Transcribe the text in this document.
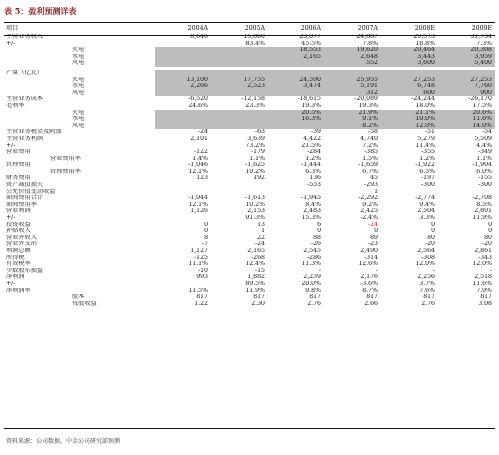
表 5：盈利预测详表
项目	2004A	2005A	2006A	2007A	2008E	2009E
主营业务收入	8,646	15,860	23,077	24,887	29,573	31,734
+/-		83.4%	45.5%	7.8%	18.8%	7.3%
火电			18,553	19,620	20,464	20,308
水电			2,165	2,648	3,443	3,959
风电				552	3,600	5,400

产量（亿瓦）						
火电	13,100	17,755	24,590	25,955	27,253	27,253
水电	2,266	2,523	3,474	5,191	6,748	7,760
风电				312	600	900
主营业务成本	-6,520	-12,158	-18,615	-20,089	-24,244	-26,170
毛利率	24.6%	23.3%	19.3%	19.3%	18.0%	17.5%
火电			20.5%	21.9%	21.1%	20.6%
水电			16.3%	9.1%	10.0%	11.6%
风电				8.2%	12.0%	14.0%
主营业务税金及附加	-24	-63	-39	-58	-51	-54
主营业务利润	2,101	3,639	4,422	4,740	5,279	5,509
+/-		73.2%	21.5%	7.2%	11.4%	4.4%
营业费用	-122	-179	-284	-385	-355	-349
营业费用率	1.4%	1.1%	1.2%	1.5%	1.2%	1.1%
管理费用	-1,046	-1,625	-1,444	-1,659	-1,922	-1,904
管理费用率	12.1%	10.2%	6.3%	6.7%	6.5%	6.0%
财务费用	123	192	136	45	-197	-155
资产减值损失			-553	-293	-300	-300
公允价值变动收益				1		
期间费用合计	-1,044	-1,613	-1,945	-2,292	-2,774	-2,708
期间费用率	12.1%	10.2%	8.4%	9.2%	9.4%	8.5%
营业利润	1,126	2,153	2,483	2,425	2,504	2,801
+/-		91.3%	15.3%	-2.4%	3.3%	11.9%
投资收益	0	13	6	-24	0	0
补贴收入	0	1	0	0	0	0
营业外收入	8	22	88	89	80	80
营业外支出	-7	-24	-26	-23	-20	-20
利润总额	1,127	2,165	2,545	2,490	2,564	2,861
所得税	-125	-268	-286	-314	-308	-343
有效税率	11.1%	12.4%	11.3%	12.6%	12.0%	12.0%
少数股东损益	-10	-15	-	-	-	-
净利润	993	1,882	2,259	2,176	2,256	2,518
+/-		89.5%	20.0%	-3.6%	3.7%	11.6%
净利润率	11.5%	11.9%	9.8%	8.7%	7.6%	7.9%
股本	817	817	817	817	817	817
每股收益	1.22	2.30	2.76	2.66	2.76	3.08
资料来源：公司数据，中金公司研究部预测
